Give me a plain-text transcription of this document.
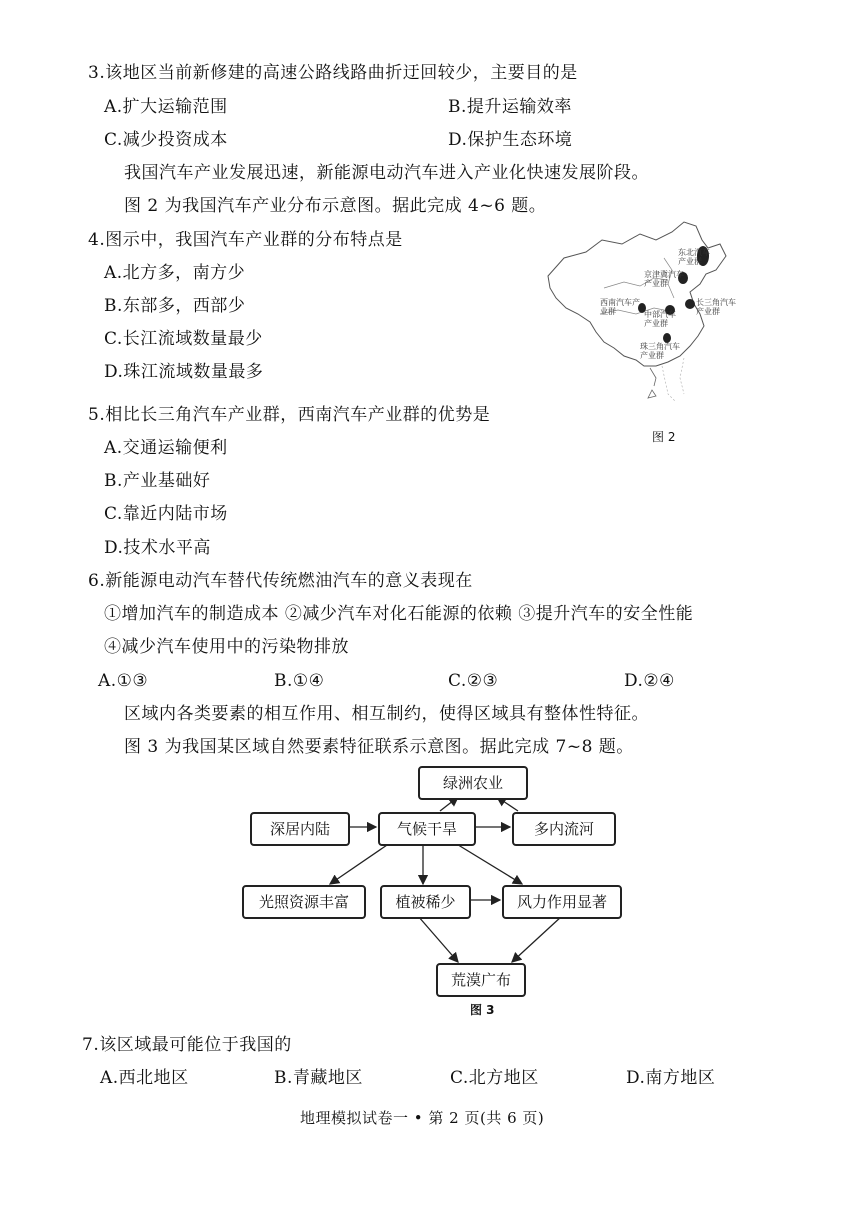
3.该地区当前新修建的高速公路线路曲折迂回较少，主要目的是
A.扩大运输范围	B.提升运输效率
C.减少投资成本	D.保护生态环境
我国汽车产业发展迅速，新能源电动汽车进入产业化快速发展阶段。
图 2 为我国汽车产业分布示意图。据此完成 4~6 题。
4.图示中，我国汽车产业群的分布特点是
A.北方多，南方少
B.东部多，西部少
C.长江流域数量最少
D.珠江流域数量最多
东北汽车产业群
京津冀汽车产业群
西南汽车产业群	中部汽车产业群
长三角汽车产业群
珠三角汽车产业群
图 2
5.相比长三角汽车产业群，西南汽车产业群的优势是
A.交通运输便利
B.产业基础好
C.靠近内陆市场
D.技术水平高
6.新能源电动汽车替代传统燃油汽车的意义表现在
①增加汽车的制造成本 ②减少汽车对化石能源的依赖 ③提升汽车的安全性能
④减少汽车使用中的污染物排放
A.①③	B.①④	C.②③	D.②④
区域内各类要素的相互作用、相互制约，使得区域具有整体性特征。
图 3 为我国某区域自然要素特征联系示意图。据此完成 7~8 题。
绿洲农业
深居内陆	气候干旱	多内流河
光照资源丰富	植被稀少	风力作用显著
荒漠广布
图 3
7.该区域最可能位于我国的
A.西北地区	B.青藏地区	C.北方地区	D.南方地区
地理模拟试卷一 • 第 2 页(共 6 页)
